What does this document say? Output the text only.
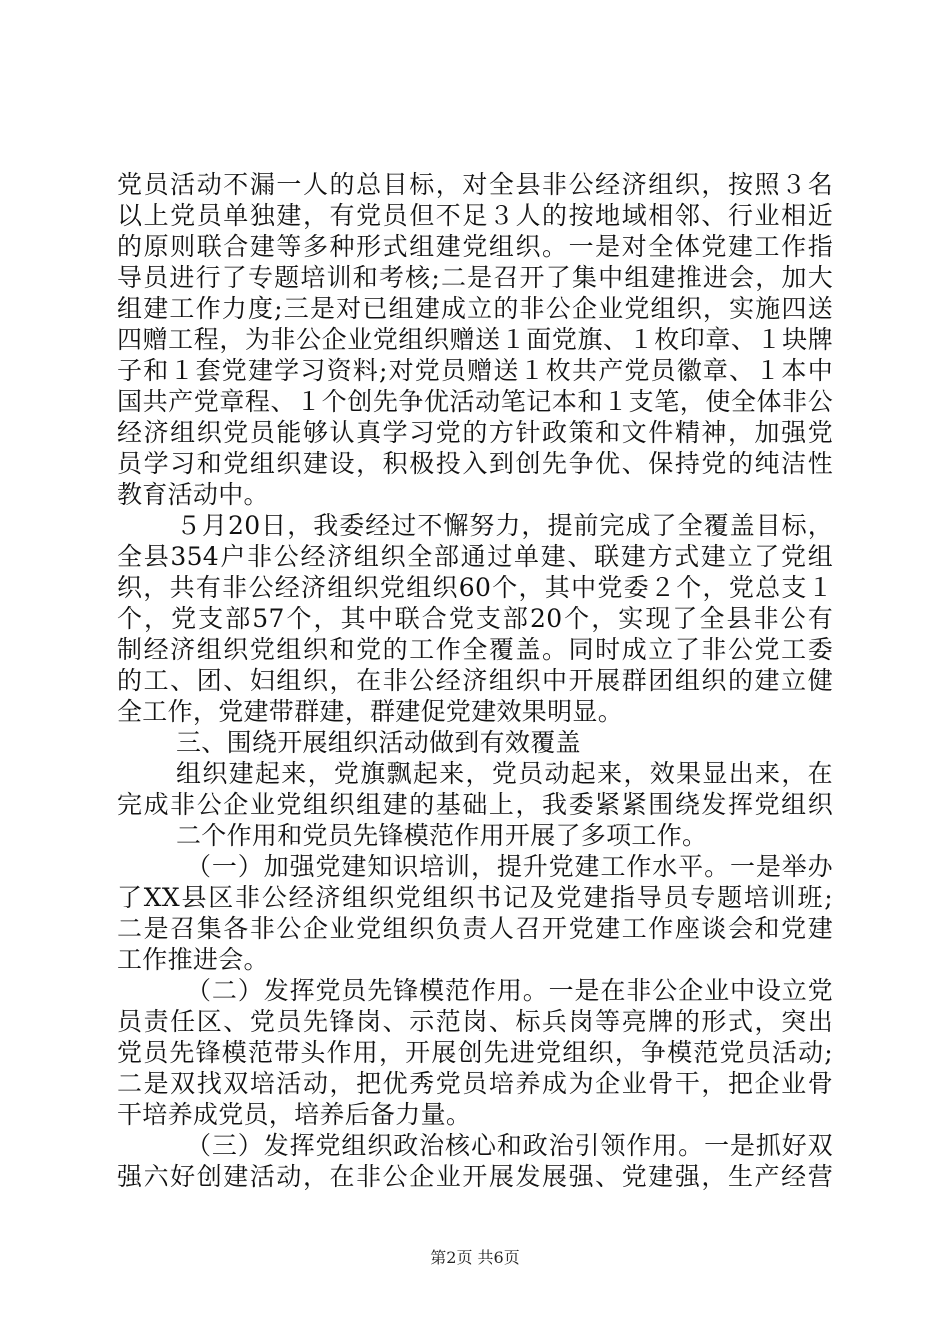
党员活动不漏一人的总目标，对全县非公经济组织，按照３名
以上党员单独建，有党员但不足３人的按地域相邻、行业相近
的原则联合建等多种形式组建党组织。一是对全体党建工作指
导员进行了专题培训和考核;二是召开了集中组建推进会，加大
组建工作力度;三是对已组建成立的非公企业党组织，实施四送
四赠工程，为非公企业党组织赠送１面党旗、１枚印章、１块牌
子和１套党建学习资料;对党员赠送１枚共产党员徽章、１本中
国共产党章程、１个创先争优活动笔记本和１支笔，使全体非公
经济组织党员能够认真学习党的方针政策和文件精神，加强党
员学习和党组织建设，积极投入到创先争优、保持党的纯洁性
教育活动中。
５月20日，我委经过不懈努力，提前完成了全覆盖目标，
全县354户非公经济组织全部通过单建、联建方式建立了党组
织，共有非公经济组织党组织60个，其中党委２个，党总支１
个，党支部57个，其中联合党支部20个，实现了全县非公有
制经济组织党组织和党的工作全覆盖。同时成立了非公党工委
的工、团、妇组织，在非公经济组织中开展群团组织的建立健
全工作，党建带群建，群建促党建效果明显。
三、围绕开展组织活动做到有效覆盖
组织建起来，党旗飘起来，党员动起来，效果显出来，在
完成非公企业党组织组建的基础上，我委紧紧围绕发挥党组织
二个作用和党员先锋模范作用开展了多项工作。
（一）加强党建知识培训，提升党建工作水平。一是举办
了XX县区非公经济组织党组织书记及党建指导员专题培训班;
二是召集各非公企业党组织负责人召开党建工作座谈会和党建
工作推进会。
（二）发挥党员先锋模范作用。一是在非公企业中设立党
员责任区、党员先锋岗、示范岗、标兵岗等亮牌的形式，突出
党员先锋模范带头作用，开展创先进党组织，争模范党员活动;
二是双找双培活动，把优秀党员培养成为企业骨干，把企业骨
干培养成党员，培养后备力量。
（三）发挥党组织政治核心和政治引领作用。一是抓好双
强六好创建活动，在非公企业开展发展强、党建强，生产经营
第2页 共6页
